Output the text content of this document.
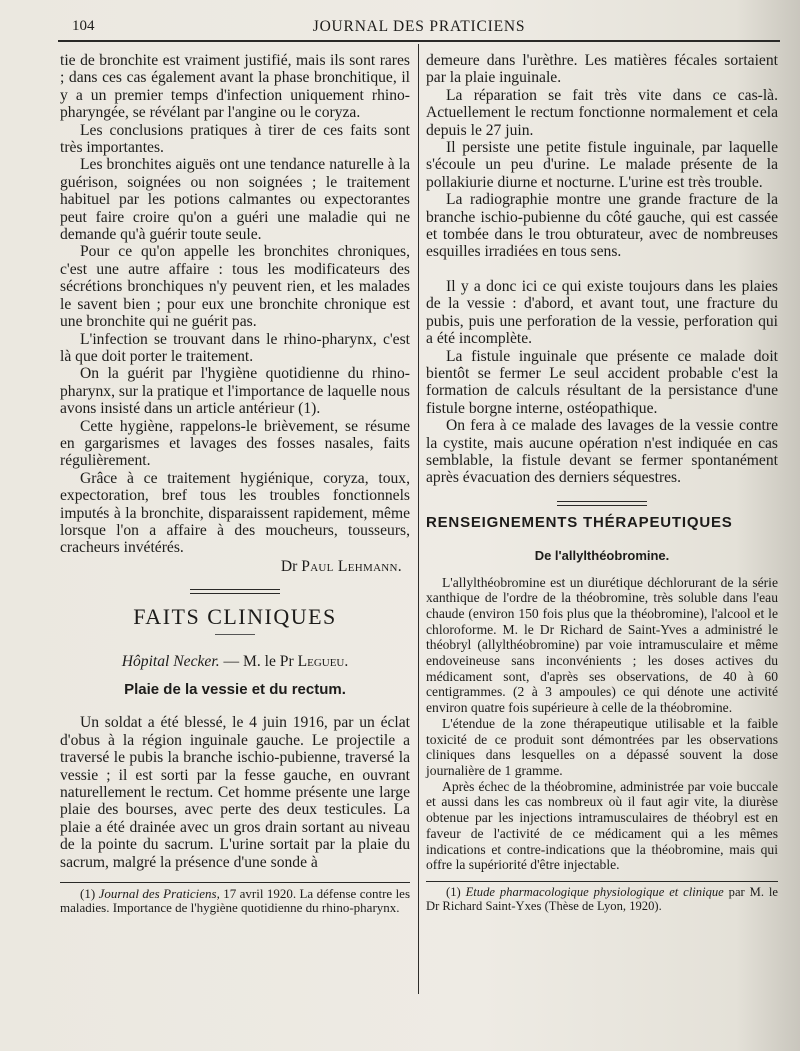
104	JOURNAL DES PRATICIENS

tie de bronchite est vraiment justifié, mais ils sont rares ; dans ces cas également avant la phase bronchitique, il y a un premier temps d'infection uniquement rhino-pharyngée, se révélant par l'angine ou le coryza.

Les conclusions pratiques à tirer de ces faits sont très importantes.

Les bronchites aiguës ont une tendance naturelle à la guérison, soignées ou non soignées ; le traitement habituel par les potions calmantes ou expectorantes peut faire croire qu'on a guéri une maladie qui ne demande qu'à guérir toute seule.

Pour ce qu'on appelle les bronchites chroniques, c'est une autre affaire : tous les modificateurs des sécrétions bronchiques n'y peuvent rien, et les malades le savent bien ; pour eux une bronchite chronique est une bronchite qui ne guérit pas.

L'infection se trouvant dans le rhino-pharynx, c'est là que doit porter le traitement.

On la guérit par l'hygiène quotidienne du rhino-pharynx, sur la pratique et l'importance de laquelle nous avons insisté dans un article antérieur (1).

Cette hygiène, rappelons-le brièvement, se résume en gargarismes et lavages des fosses nasales, faits régulièrement.

Grâce à ce traitement hygiénique, coryza, toux, expectoration, bref tous les troubles fonctionnels imputés à la bronchite, disparaissent rapidement, même lorsque l'on a affaire à des moucheurs, tousseurs, cracheurs invétérés.

Dr Paul Lehmann.
FAITS CLINIQUES
Hôpital Necker. — M. le Pr Legueu.
Plaie de la vessie et du rectum.

Un soldat a été blessé, le 4 juin 1916, par un éclat d'obus à la région inguinale gauche. Le projectile a traversé le pubis la branche ischio-pubienne, traversé la vessie ; il est sorti par la fesse gauche, en ouvrant naturellement le rectum. Cet homme présente une large plaie des bourses, avec perte des deux testicules. La plaie a été drainée avec un gros drain sortant au niveau de la pointe du sacrum. L'urine sortait par la plaie du sacrum, malgré la présence d'une sonde à

(1) Journal des Praticiens, 17 avril 1920. La défense contre les maladies. Importance de l'hygiène quotidienne du rhino-pharynx.

demeure dans l'urèthre. Les matières fécales sortaient par la plaie inguinale.

La réparation se fait très vite dans ce cas-là. Actuellement le rectum fonctionne normalement et cela depuis le 27 juin.

Il persiste une petite fistule inguinale, par laquelle s'écoule un peu d'urine. Le malade présente de la pollakiurie diurne et nocturne. L'urine est très trouble.

La radiographie montre une grande fracture de la branche ischio-pubienne du côté gauche, qui est cassée et tombée dans le trou obturateur, avec de nombreuses esquilles irradiées en tous sens.

Il y a donc ici ce qui existe toujours dans les plaies de la vessie : d'abord, et avant tout, une fracture du pubis, puis une perforation de la vessie, perforation qui a été incomplète.

La fistule inguinale que présente ce malade doit bientôt se fermer Le seul accident probable c'est la formation de calculs résultant de la persistance d'une fistule borgne interne, ostéopathique.

On fera à ce malade des lavages de la vessie contre la cystite, mais aucune opération n'est indiquée en cas semblable, la fistule devant se fermer spontanément après évacuation des derniers séquestres.

RENSEIGNEMENTS THÉRAPEUTIQUES
De l'allylthéobromine.

L'allylthéobromine est un diurétique déchlorurant de la série xanthique de l'ordre de la théobromine, très soluble dans l'eau chaude (environ 150 fois plus que la théobromine), l'alcool et le chloroforme. M. le Dr Richard de Saint-Yves a administré le théobryl (allylthéobromine) par voie intramusculaire et même endoveineuse sans inconvénients ; les doses actives du médicament sont, d'après ses observations, de 40 à 60 centigrammes. (2 à 3 ampoules) ce qui dénote une activité environ quatre fois supérieure à celle de la théobromine.

L'étendue de la zone thérapeutique utilisable et la faible toxicité de ce produit sont démontrées par les observations cliniques dans lesquelles on a dépassé souvent la dose journalière de 1 gramme.

Après échec de la théobromine, administrée par voie buccale et aussi dans les cas nombreux où il faut agir vite, la diurèse obtenue par les injections intramusculaires de théobryl est en faveur de l'activité de ce médicament qui a les mêmes indications et contre-indications que la théobromine, mais qui offre la supériorité d'être injectable.

(1) Etude pharmacologique physiologique et clinique par M. le Dr Richard Saint-Yxes (Thèse de Lyon, 1920).
